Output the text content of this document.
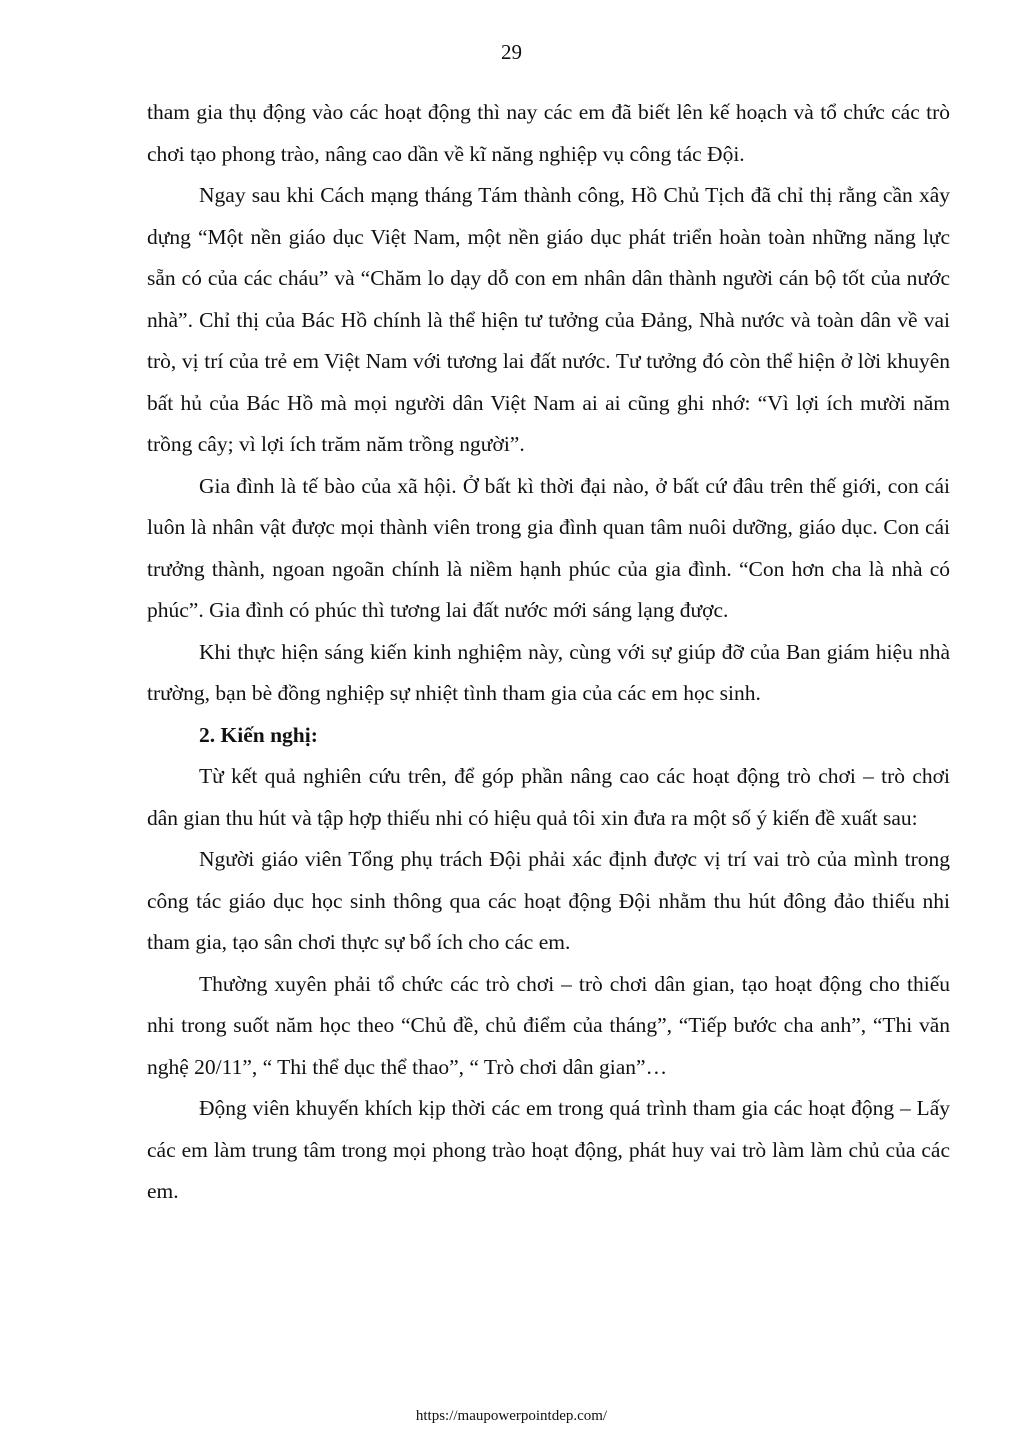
29

tham gia thụ động vào các hoạt động thì nay các em đã biết lên kế hoạch và tổ chức các trò chơi tạo phong trào, nâng cao dần về kĩ năng nghiệp vụ công tác Đội.

Ngay sau khi Cách mạng tháng Tám thành công, Hồ Chủ Tịch đã chỉ thị rằng cần xây dựng “Một nền giáo dục Việt Nam, một nền giáo dục phát triển hoàn toàn những năng lực sẵn có của các cháu” và “Chăm lo dạy dỗ con em nhân dân thành người cán bộ tốt của nước nhà”. Chỉ thị của Bác Hồ chính là thể hiện tư tưởng của Đảng, Nhà nước và toàn dân về vai trò, vị trí của trẻ em Việt Nam với tương lai đất nước. Tư tưởng đó còn thể hiện ở lời khuyên bất hủ của Bác Hồ mà mọi người dân Việt Nam ai ai cũng ghi nhớ: “Vì lợi ích mười năm trồng cây; vì lợi ích trăm năm trồng người”.

Gia đình là tế bào của xã hội. Ở bất kì thời đại nào, ở bất cứ đâu trên thế giới, con cái luôn là nhân vật được mọi thành viên trong gia đình quan tâm nuôi dưỡng, giáo dục. Con cái trưởng thành, ngoan ngoãn chính là niềm hạnh phúc của gia đình. “Con hơn cha là nhà có phúc”. Gia đình có phúc thì tương lai đất nước mới sáng lạng được.

Khi thực hiện sáng kiến kinh nghiệm này, cùng với sự giúp đỡ của Ban giám hiệu nhà trường, bạn bè đồng nghiệp sự nhiệt tình tham gia của các em học sinh.

2. Kiến nghị:

Từ kết quả nghiên cứu trên, để góp phần nâng cao các hoạt động trò chơi – trò chơi dân gian thu hút và tập hợp thiếu nhi có hiệu quả tôi xin đưa ra một số ý kiến đề xuất sau:

Người giáo viên Tổng phụ trách Đội phải xác định được vị trí vai trò của mình trong công tác giáo dục học sinh thông qua các hoạt động Đội nhằm thu hút đông đảo thiếu nhi tham gia, tạo sân chơi thực sự bổ ích cho các em.

Thường xuyên phải tổ chức các trò chơi – trò chơi dân gian, tạo hoạt động cho thiếu nhi trong suốt năm học theo “Chủ đề, chủ điểm của tháng”, “Tiếp bước cha anh”, “Thi văn nghệ 20/11”, “ Thi thể dục thể thao”, “ Trò chơi dân gian”…

Động viên khuyến khích kịp thời các em trong quá trình tham gia các hoạt động – Lấy các em làm trung tâm trong mọi phong trào hoạt động, phát huy vai trò làm làm chủ của các em.

https://maupowerpointdep.com/
